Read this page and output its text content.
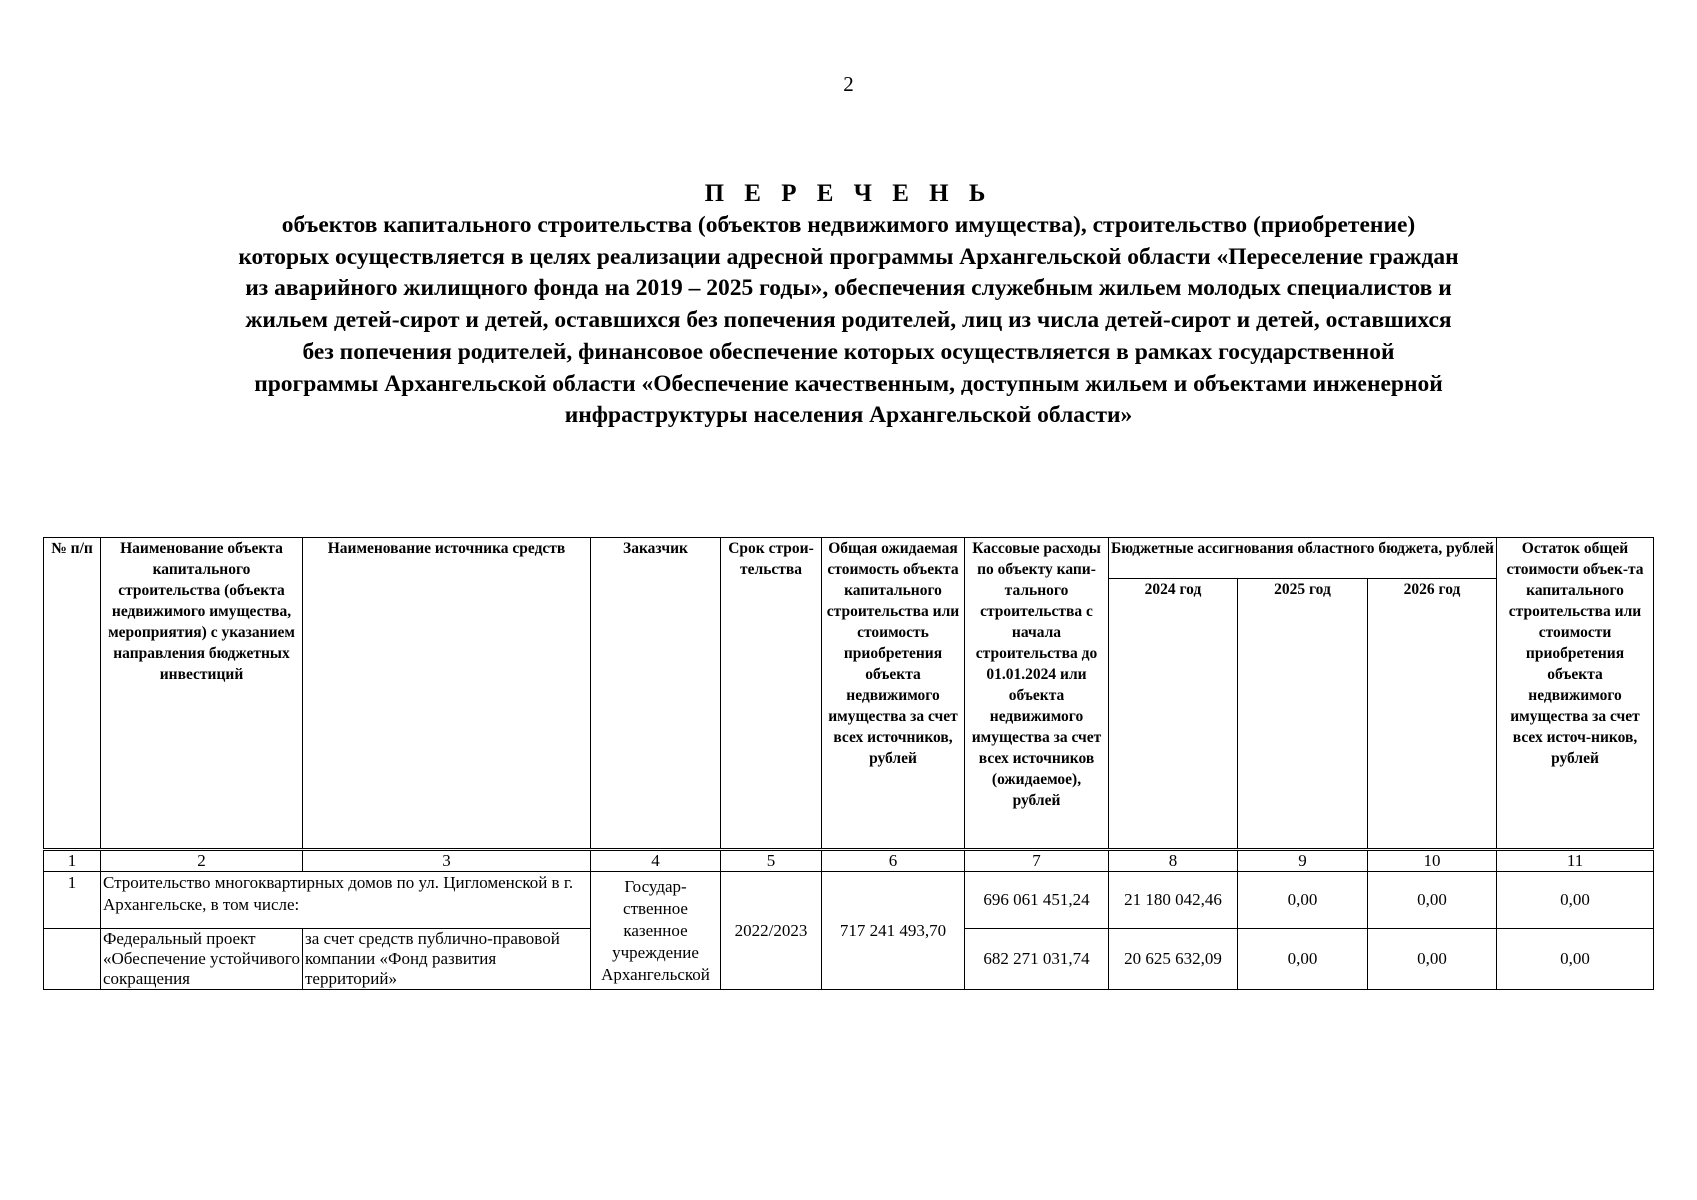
2
П Е Р Е Ч Е Н Ь
объектов капитального строительства (объектов недвижимого имущества), строительство (приобретение)
которых осуществляется в целях реализации адресной программы Архангельской области «Переселение граждан
из аварийного жилищного фонда на 2019 – 2025 годы», обеспечения служебным жильем молодых специалистов и
жильем детей-сирот и детей, оставшихся без попечения родителей, лиц из числа детей-сирот и детей, оставшихся
без попечения родителей, финансовое обеспечение которых осуществляется в рамках государственной
программы Архангельской области «Обеспечение качественным, доступным жильем и объектами инженерной
инфраструктуры населения Архангельской области»
№ п/п	Наименование объекта капитального строительства (объекта недвижимого имущества, мероприятия) с указанием направления бюджетных инвестиций	Наименование источника средств	Заказчик	Срок строи-тельства	Общая ожидаемая стоимость объекта капитального строительства или стоимость приобретения объекта недвижимого имущества за счет всех источников, рублей	Кассовые расходы по объекту капи-тального строительства с начала строительства до 01.01.2024 или объекта недвижимого имущества за счет всех источников (ожидаемое), рублей	Бюджетные ассигнования областного бюджета, рублей			Остаток общей стоимости объек-та капитального строительства или стоимости приобретения объекта недвижимого имущества за счет всех источ-ников, рублей
							2024 год	2025 год	2026 год	
1	2	3	4	5	6	7	8	9	10	11
1	Строительство многоквартирных домов по ул. Цигломенской в г. Архангельске, в том числе:		Государ-ственное казенное учреждение Архангельской	2022/2023	717 241 493,70	696 061 451,24	21 180 042,46	0,00	0,00	0,00
	Федеральный проект «Обеспечение устойчивого сокращения	за счет средств публично-правовой компании «Фонд развития территорий»				682 271 031,74	20 625 632,09	0,00	0,00	0,00
